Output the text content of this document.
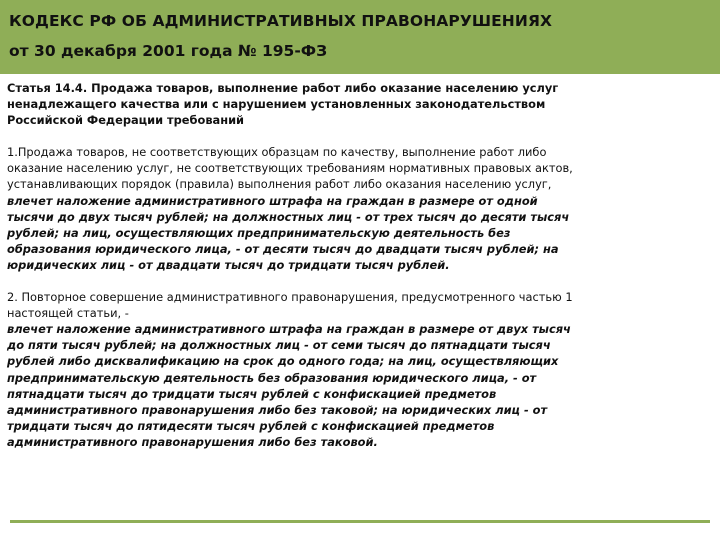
КОДЕКС РФ ОБ АДМИНИСТРАТИВНЫХ ПРАВОНАРУШЕНИЯХ
от 30 декабря 2001 года № 195-ФЗ

Статья 14.4. Продажа товаров, выполнение работ либо оказание населению услуг

ненадлежащего качества или с нарушением установленных законодательством

Российской Федерации требований

1.Продажа товаров, не соответствующих образцам по качеству, выполнение работ либо

оказание населению услуг, не соответствующих требованиям нормативных правовых актов,

устанавливающих порядок (правила) выполнения работ либо оказания населению услуг,

влечет наложение административного штрафа на граждан в размере от одной

тысячи до двух тысяч рублей; на должностных лиц - от трех тысяч до десяти тысяч

рублей; на лиц, осуществляющих предпринимательскую деятельность без

образования юридического лица, - от десяти тысяч до двадцати тысяч рублей; на

юридических лиц - от двадцати тысяч до тридцати тысяч рублей.

2. Повторное совершение административного правонарушения, предусмотренного частью 1

настоящей статьи, -

влечет наложение административного штрафа на граждан в размере от двух тысяч

до пяти тысяч рублей; на должностных лиц - от семи тысяч до пятнадцати тысяч

рублей либо дисквалификацию на срок до одного года; на лиц, осуществляющих

предпринимательскую деятельность без образования юридического лица, - от

пятнадцати тысяч до тридцати тысяч рублей с конфискацией предметов

административного правонарушения либо без таковой; на юридических лиц - от

тридцати тысяч до пятидесяти тысяч рублей с конфискацией предметов

административного правонарушения либо без таковой.
